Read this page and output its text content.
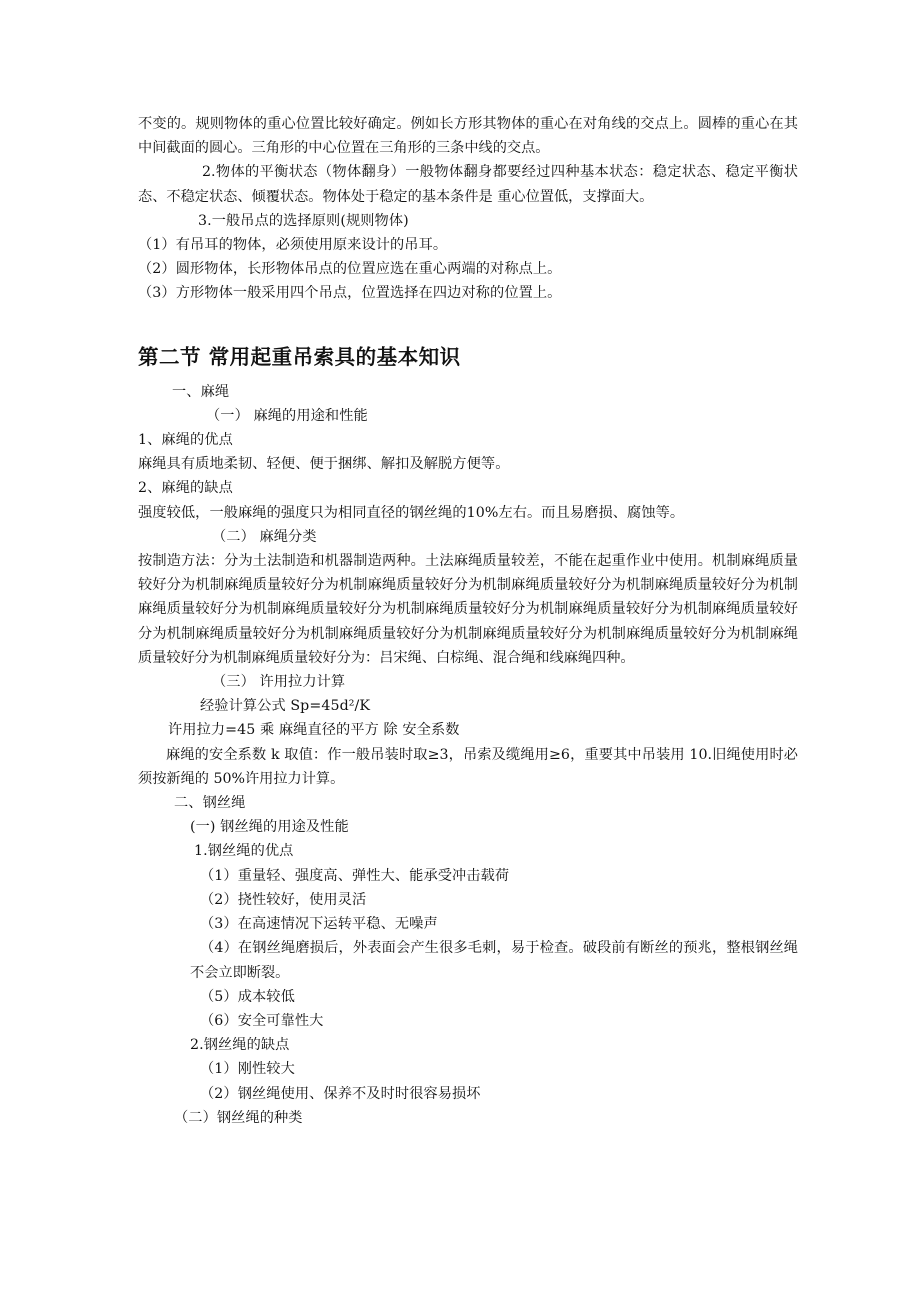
不变的。规则物体的重心位置比较好确定。例如长方形其物体的重心在对角线的交点上。圆棒的重心在其中间截面的圆心。三角形的中心位置在三角形的三条中线的交点。
2.物体的平衡状态（物体翻身）一般物体翻身都要经过四种基本状态：稳定状态、稳定平衡状态、不稳定状态、倾覆状态。物体处于稳定的基本条件是 重心位置低，支撑面大。
3.一般吊点的选择原则(规则物体)
（1）有吊耳的物体，必须使用原来设计的吊耳。
（2）圆形物体，长形物体吊点的位置应选在重心两端的对称点上。
（3）方形物体一般采用四个吊点，位置选择在四边对称的位置上。
第二节 常用起重吊索具的基本知识
一、麻绳
（一） 麻绳的用途和性能
1、麻绳的优点
麻绳具有质地柔韧、轻便、便于捆绑、解扣及解脱方便等。
2、麻绳的缺点
强度较低，一般麻绳的强度只为相同直径的钢丝绳的10%左右。而且易磨损、腐蚀等。
（二） 麻绳分类
按制造方法：分为土法制造和机器制造两种。土法麻绳质量较差，不能在起重作业中使用。机制麻绳质量较好分为机制麻绳质量较好分为机制麻绳质量较好分为机制麻绳质量较好分为机制麻绳质量较好分为机制麻绳质量较好分为机制麻绳质量较好分为机制麻绳质量较好分为机制麻绳质量较好分为机制麻绳质量较好分为机制麻绳质量较好分为机制麻绳质量较好分为机制麻绳质量较好分为机制麻绳质量较好分为机制麻绳质量较好分为机制麻绳质量较好分为：吕宋绳、白棕绳、混合绳和线麻绳四种。
（三） 许用拉力计算
经验计算公式 Sp=45d²/K
许用拉力=45 乘 麻绳直径的平方 除 安全系数
麻绳的安全系数 k 取值：作一般吊装时取≥3，吊索及缆绳用≥6，重要其中吊装用 10.旧绳使用时必须按新绳的 50%许用拉力计算。
二、钢丝绳
(一) 钢丝绳的用途及性能
1.钢丝绳的优点
（1）重量轻、强度高、弹性大、能承受冲击载荷
（2）挠性较好，使用灵活
（3）在高速情况下运转平稳、无噪声
（4）在钢丝绳磨损后，外表面会产生很多毛刺，易于检查。破段前有断丝的预兆，整根钢丝绳不会立即断裂。
（5）成本较低
（6）安全可靠性大
2.钢丝绳的缺点
（1）刚性较大
（2）钢丝绳使用、保养不及时时很容易损坏
（二）钢丝绳的种类
